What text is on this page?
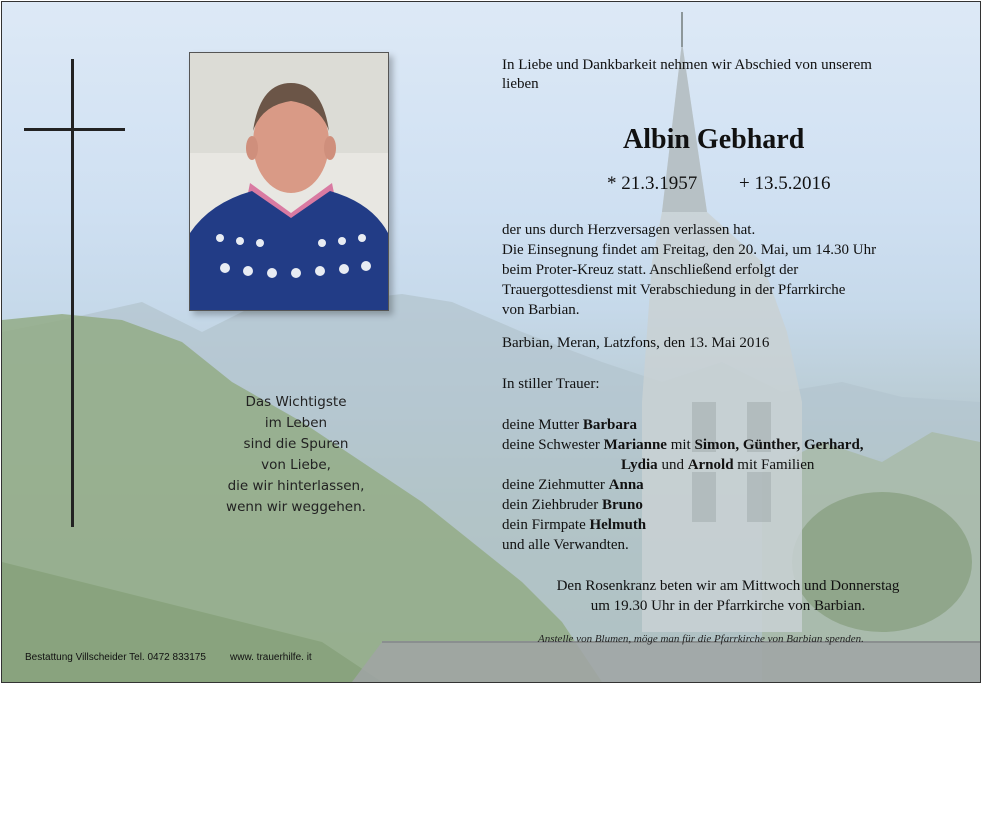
Das Wichtigste
im Leben
sind die Spuren
von Liebe,
die wir hinterlassen,
wenn wir weggehen.
In Liebe und Dankbarkeit nehmen wir Abschied von unserem
lieben
Albin Gebhard
* 21.3.1957 + 13.5.2016
der uns durch Herzversagen verlassen hat.
Die Einsegnung findet am Freitag, den 20. Mai, um 14.30 Uhr
beim Proter-Kreuz statt. Anschließend erfolgt der
Trauergottesdienst mit Verabschiedung in der Pfarrkirche
von Barbian.
Barbian, Meran, Latzfons, den 13. Mai 2016
In stiller Trauer:
deine Mutter Barbara
deine Schwester Marianne mit Simon, Günther, Gerhard,
Lydia und Arnold mit Familien
deine Ziehmutter Anna
dein Ziehbruder Bruno
dein Firmpate Helmuth
und alle Verwandten.
Den Rosenkranz beten wir am Mittwoch und Donnerstag
um 19.30 Uhr in der Pfarrkirche von Barbian.
Anstelle von Blumen, möge man für die Pfarrkirche von Barbian spenden.
Bestattung Villscheider Tel. 0472 833175 www. trauerhilfe. it
